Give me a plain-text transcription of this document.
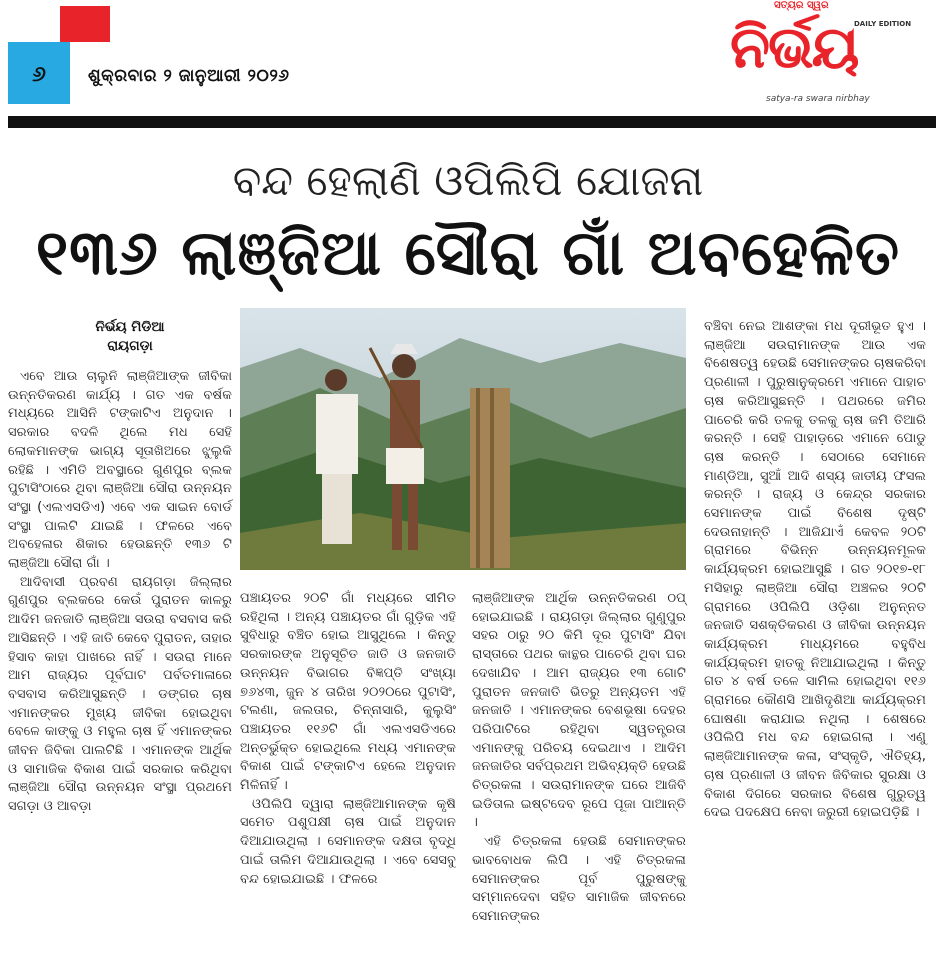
୬	ଶୁକ୍ରବାର ୨ ଜାନୁଆରୀ ୨୦୨୬
ସତ୍ୟର ସ୍ୱର
ନିର୍ଭୟ
DAILY EDITION
satya-ra swara nirbhay
ବନ୍ଦ ହେଲାଣି ଓପିଲିପି ଯୋଜନା
୧୩୬ ଲାଞ୍ଜିଆ ସୌରା ଗାଁ ଅବହେଳିତ
ନିର୍ଭୟ ମିଡିଆ
ରାୟଗଡ଼ା

ଏବେ ଆଉ ଚାଲୁନି ଲାଞ୍ଜିଆଙ୍କ ଜୀବିକା ଉନ୍ନତିକରଣ କାର୍ଯ୍ୟ । ଗତ ଏକ ବର୍ଷକ ମଧ୍ୟରେ ଆସିନି ଟଙ୍କାଟିଏ ଅନୁଦାନ । ସରକାର ବଦଳି ଥିଲେ ମଧ ସେହି ଲୋକମାନଙ୍କ ଭାଗ୍ୟ ସୂତାଖିଅରେ ଝୁଲୁକି ରହିଛି । ଏମିତି ଅବସ୍ଥାରେ ଗୁଣପୁର ବ୍ଲକ ପୁଟାସିଂଠାରେ ଥିବା ଲାଞ୍ଜିଆ ସୌରା ଉନ୍ନୟନ ସଂସ୍ଥା (ଏଲଏସଡିଏ) ଏବେ ଏକ ସାଇନ ବୋର୍ଡ ସଂସ୍ଥା ପାଲଟି ଯାଇଛି । ଫଳରେ ଏବେ ଅବହେଳାର ଶିକାର ହେଉଛନ୍ତି ୧୩୬ ଟି ଲାଞ୍ଜିଆ ସୌରା ଗାଁ ।

ଆଦିବାସୀ ପ୍ରବଣ ରାୟଗଡ଼ା ଜିଲ୍ଲାର ଗୁଣପୁର ବ୍ଲକରେ କେଉଁ ପୁରାତନ କାଳରୁ ଆଦିମ ଜନଜାତି ଲାଞ୍ଜିଆ ସଉରା ବସବାସ କରି ଆସିଛନ୍ତି । ଏହି ଜାତି କେବେ ପୁରାତନ, ତାହାର ହିସାବ କାହା ପାଖରେ ନାହିଁ । ସଉରା ମାନେ ଆମ ରାଜ୍ୟର ପୂର୍ବଘାଟ ପର୍ବତମାଳାରେ ବସବାସ କରିଆସୁଛନ୍ତି । ଡଙ୍ଗର ଚାଷ ଏମାନଙ୍କର ମୁଖ୍ୟ ଜୀବିକା ହୋଇଥିବା ବେଳେ କାଙ୍କୁ ଓ ମହୁଲ ଚାଷ ହିଁ ଏମାନଙ୍କର ଜୀବନ ଜିବିକା ପାଲଟିଛି । ଏମାନଙ୍କ ଆର୍ଥିକ ଓ ସାମାଜିକ ବିକାଶ ପାଇଁ ସରକାର କରିଥିବା ଲାଞ୍ଜିଆ ସୌରା ଉନ୍ନୟନ ସଂସ୍ଥା ପ୍ରଥମେ ସଗଡ଼ା ଓ ଆବଡ଼ା

ପଞ୍ଚାୟତର ୨୦ଟି ଗାଁ ମଧ୍ୟରେ ସୀମିତ ରହିଥିଲା । ଅନ୍ୟ ପଞ୍ଚାୟତର ଗାଁ ଗୁଡ଼ିକ ଏହି ସୁବିଧାରୁ ବଞ୍ଚିତ ହୋଇ ଆସୁଥିଲେ । କିନ୍ତୁ ସରକାରଙ୍କ ଅନୁସୂଚିତ ଜାତି ଓ ଜନଜାତି ଉନ୍ନୟନ ବିଭାଗର ବିଜ୍ଞପ୍ତି ସଂଖ୍ୟା ୭୬୪୩, ଜୁନ ୪ ତାରିଖ ୨୦୨୦ରେ ପୁଟାସିଂ, ଟଲଣା, ଜଲତାର, ଚିନ୍ନାସାରି, କୁଲୁସିଂ ପଞ୍ଚାୟତର ୧୧୬ଟି ଗାଁ ଏଲଏସଡିଏରେ ଅନ୍ତର୍ଭୁକ୍ତ ହୋଇଥିଲେ ମଧ୍ୟ ଏମାନଙ୍କ ବିକାଶ ପାଇଁ ଟଙ୍କାଟିଏ ହେଲେ ଅନୁଦାନ ମିଳିନାହିଁ ।

ଓପିଲିପି ଦ୍ୱାରା ଲାଞ୍ଜିଆମାନଙ୍କ କୃଷି ସମେତ ପଶୁପକ୍ଷୀ ଚାଷ ପାଇଁ ଅନୁଦାନ ଦିଆଯାଉଥିଲା । ସେମାନଙ୍କ ଦକ୍ଷତା ବୃଦ୍ଧି ପାଇଁ ତାଲିମ ଦିଆଯାଉଥିଲା । ଏବେ ସେସବୁ ବନ୍ଦ ହୋଇଯାଇଛି । ଫଳରେ

ଲାଞ୍ଜିଆଙ୍କ ଆର୍ଥିକ ଉନ୍ନତିକରଣ ଠପ୍ ହୋଇଯାଇଛି । ରାୟଗଡ଼ା ଜିଲ୍ଲାର ଗୁଣୁପୁର ସହର ଠାରୁ ୨୦ କିମି ଦୂର ପୁଟାସିଂ ଯିବା ରାସ୍ତାରେ ପଥର କାନ୍ଥର ପାଚେରି ଥିବା ଘର ଦେଖାଯିବ । ଆମ ରାଜ୍ୟର ୧୩ ଗୋଟି ପୁରାତନ ଜନଜାତି ଭିତରୁ ଅନ୍ୟତମ ଏହି ଜନଜାତି । ଏମାନଙ୍କର ବେଶଭୂଷା ଦେହର ପରିପାଟିରେ ରହିଥିବା ସ୍ୱତନ୍ତ୍ରତା ଏମାନଙ୍କୁ ପରିଚୟ ଦେଇଥାଏ । ଆଦିମ ଜନଜାତିର ସର୍ବପ୍ରଥମ ଅଭିବ୍ୟକ୍ତି ହେଉଛି ଚିତ୍ରକଳା । ସଉରାମାନଙ୍କ ଘରେ ଆଜିବି ଇଡିତାଲ ଇଷ୍ଟଦେବ ରୂପେ ପୂଜା ପାଆନ୍ତି ।

ଏହି ଚିତ୍ରକଳା ହେଉଛି ସେମାନଙ୍କର ଭାବବୋଧକ ଲିପି । ଏହି ଚିତ୍ରକଳା ସେମାନଙ୍କର ପୂର୍ବ ପୁରୁଷଙ୍କୁ ସମ୍ମାନଦେବା ସହିତ ସାମାଜିକ ଜୀବନରେ ସେମାନଙ୍କର

ବଞ୍ଚିବା ନେଇ ଆଶଙ୍କା ମଧ ଦୂରୀଭୂତ ହୁଏ । ଲାଞ୍ଜିଆ ସଉରାମାନଙ୍କ ଆଉ ଏକ ବିଶେଷତ୍ୱ ହେଉଛି ସେମାନଙ୍କର ଚାଷକରିବା ପ୍ରଣାଳୀ । ପୁରୁଷାନୁକ୍ରମେ ଏମାନେ ପାହାଚ ଚାଷ କରିଆସୁଛନ୍ତି । ପଥରରେ ଜମିର ପାଚେରି କରି ତଳକୁ ତଳକୁ ଚାଷ ଜମି ତିଆରି କରନ୍ତି । ସେହି ପାହାଡ଼ରେ ଏମାନେ ପୋଡୁ ଚାଷ କରନ୍ତି । ସେଠାରେ ସେମାନେ ମାଣ୍ଡିଆ, ସୁଆଁ ଆଦି ଶସ୍ୟ ଜାତୀୟ ଫସଲ କରନ୍ତି । ରାଜ୍ୟ ଓ କେନ୍ଦ୍ର ସରକାର ସେମାନଙ୍କ ପାଇଁ ବିଶେଷ ଦୃଷ୍ଟି ଦେଉନାହାନ୍ତି । ଆଜିଯାଏଁ କେବଳ ୨୦ଟି ଗ୍ରାମରେ ବିଭିନ୍ନ ଉନ୍ନୟନମୂଳକ କାର୍ଯ୍ୟକ୍ରମ ହୋଇଆସୁଛି । ଗତ ୨୦୧୭-୧୮ ମସିହାରୁ ଲାଞ୍ଜିଆ ସୌରା ଅଞ୍ଚଳର ୨୦ଟି ଗ୍ରାମରେ ଓପିଲିପି ଓଡ଼ିଶା ଅନୁନ୍ନତ ଜନଜାତି ସଶକ୍ତିକରଣ ଓ ଜୀବିକା ଉନ୍ନୟନ କାର୍ଯ୍ୟକ୍ରମ ମାଧ୍ୟମରେ ବହୁବିଧ କାର୍ଯ୍ୟକ୍ରମ ହାତକୁ ନିଆଯାଇଥିଲା । କିନ୍ତୁ ଗତ ୪ ବର୍ଷ ତଳେ ସାମିଲ ହୋଇଥିବା ୧୧୬ ଗ୍ରାମରେ କୌଣସି ଆଖିଦୃଶିଆ କାର୍ଯ୍ୟକ୍ରମ ଘୋଷଣା କରାଯାଇ ନଥିଲା । ଶେଷରେ ଓପିଲିପି ମଧ ବନ୍ଦ ହୋଇଗଲା । ଏଣୁ ଲାଞ୍ଜିଆମାନଙ୍କ କଳା, ସଂସ୍କୃତି, ଐତିହ୍ୟ, ଚାଷ ପ୍ରଣାଳୀ ଓ ଜୀବନ ଜିବିକାର ସୁରକ୍ଷା ଓ ବିକାଶ ଦିଗରେ ସରକାର ବିଶେଷ ଗୁରୁତ୍ୱ ଦେଇ ପଦକ୍ଷେପ ନେବା ଜରୁରୀ ହୋଇପଡ଼ିଛି ।
